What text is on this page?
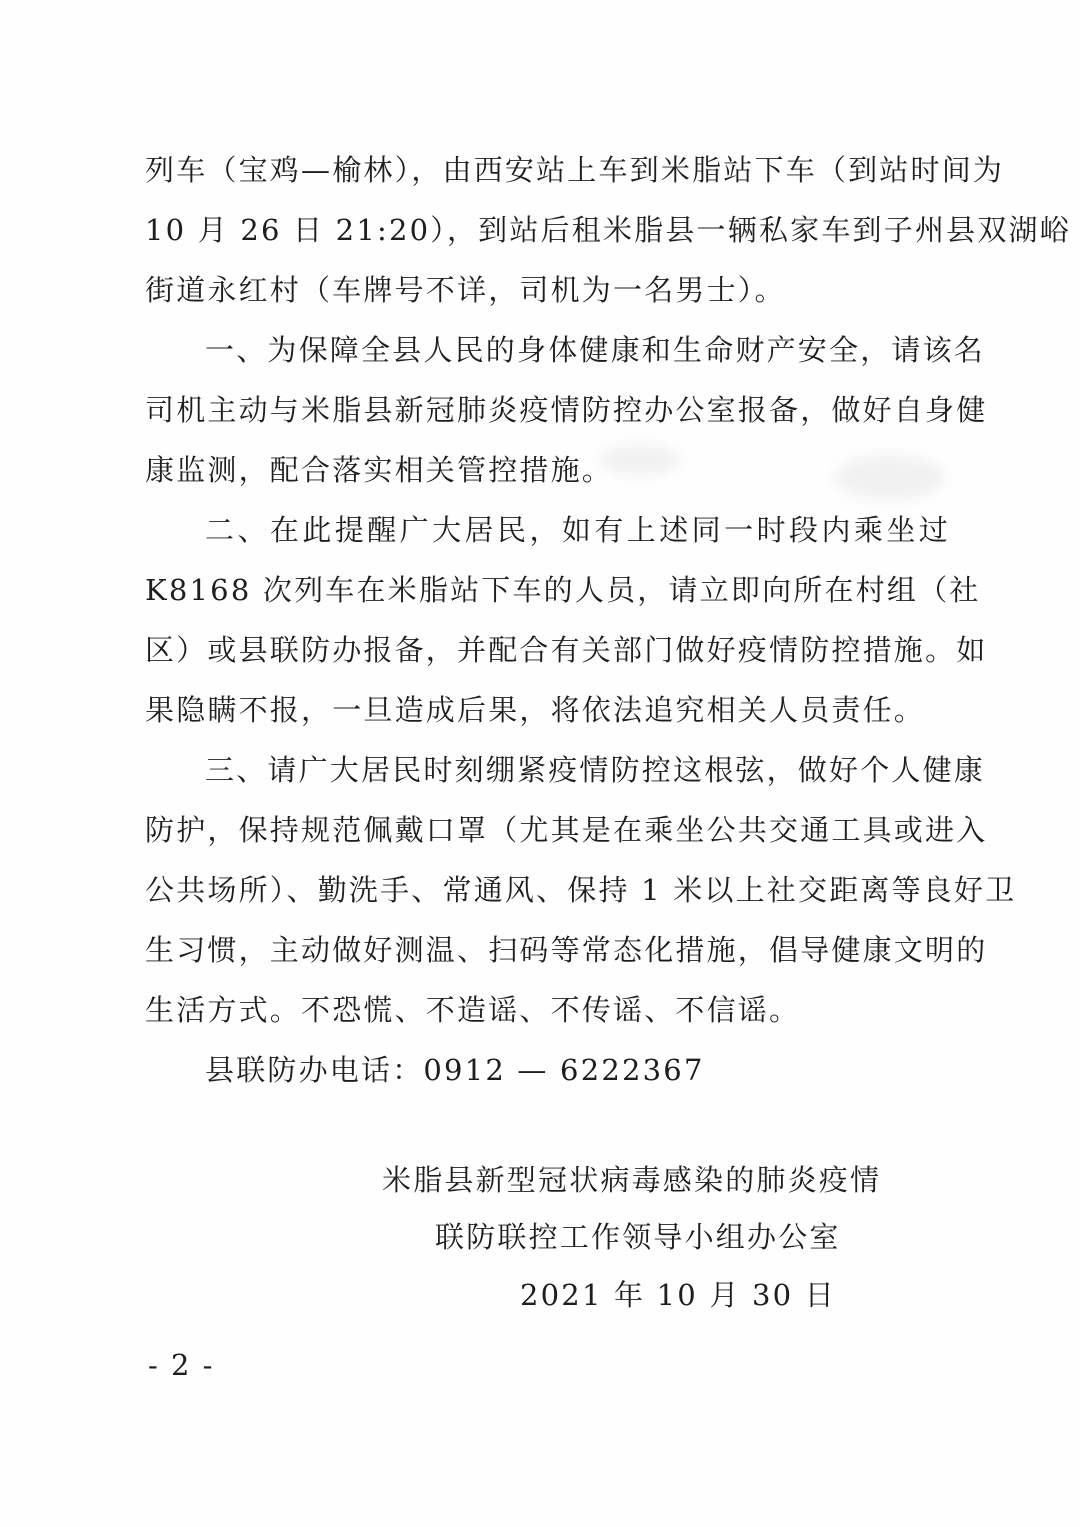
列车（宝鸡—榆林），由西安站上车到米脂站下车（到站时间为
10 月 26 日 21:20），到站后租米脂县一辆私家车到子州县双湖峪
街道永红村（车牌号不详，司机为一名男士）。
一、为保障全县人民的身体健康和生命财产安全，请该名
司机主动与米脂县新冠肺炎疫情防控办公室报备，做好自身健
康监测，配合落实相关管控措施。
二、在此提醒广大居民，如有上述同一时段内乘坐过
K8168 次列车在米脂站下车的人员，请立即向所在村组（社
区）或县联防办报备，并配合有关部门做好疫情防控措施。如
果隐瞒不报，一旦造成后果，将依法追究相关人员责任。
三、请广大居民时刻绷紧疫情防控这根弦，做好个人健康
防护，保持规范佩戴口罩（尤其是在乘坐公共交通工具或进入
公共场所）、勤洗手、常通风、保持 1 米以上社交距离等良好卫
生习惯，主动做好测温、扫码等常态化措施，倡导健康文明的
生活方式。不恐慌、不造谣、不传谣、不信谣。
县联防办电话：0912 — 6222367
米脂县新型冠状病毒感染的肺炎疫情
联防联控工作领导小组办公室
2021 年 10 月 30 日
- 2 -
